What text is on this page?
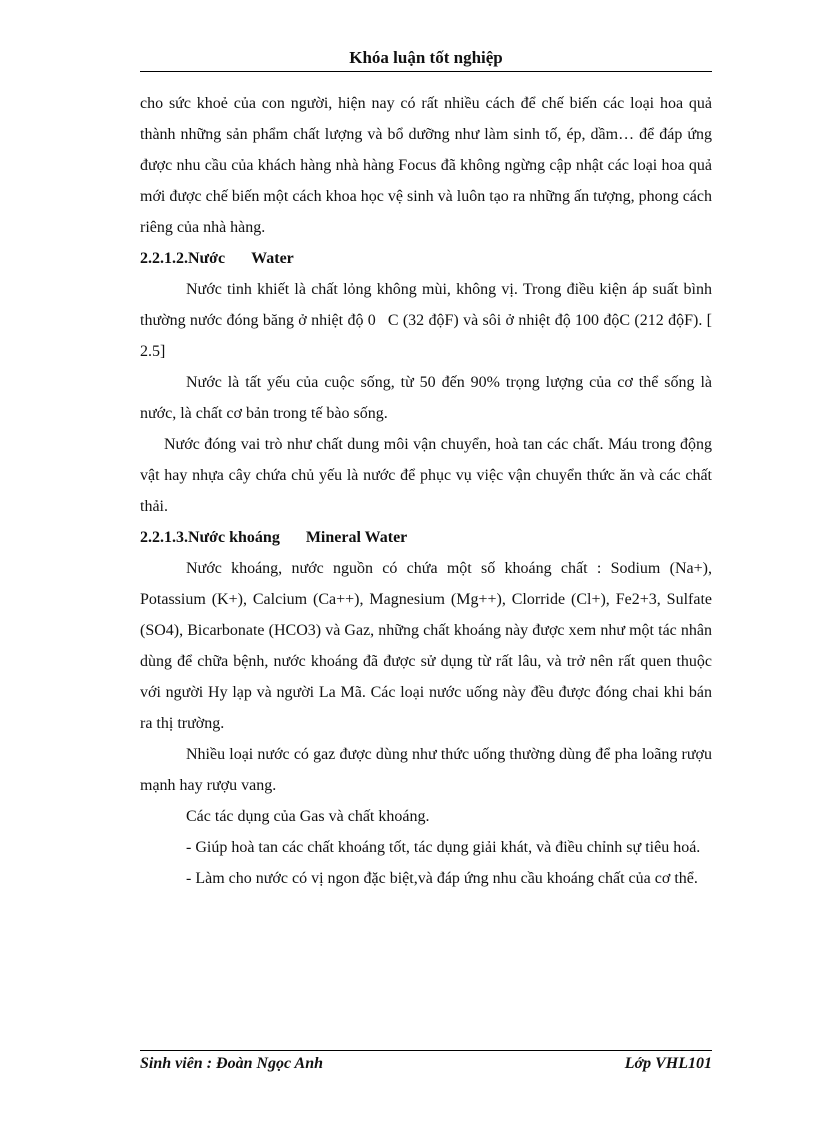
Khóa luận tốt nghiệp

cho sức khoẻ của con người, hiện nay có rất nhiều cách để chế biến các loại hoa quả thành những sản phẩm chất lượng và bổ dưỡng như làm sinh tố, ép, dầm… để đáp ứng được nhu cầu của khách hàng nhà hàng Focus đã không ngừng cập nhật các loại hoa quả mới được chế biến một cách khoa học vệ sinh và luôn tạo ra những ấn tượng, phong cách riêng của nhà hàng.

2.2.1.2.Nước Water

Nước tinh khiết là chất lỏng không mùi, không vị. Trong điều kiện áp suất bình thường nước đóng băng ở nhiệt độ 0 C (32 độF) và sôi ở nhiệt độ 100 độC (212 độF). [ 2.5]

Nước là tất yếu của cuộc sống, từ 50 đến 90% trọng lượng của cơ thể sống là nước, là chất cơ bản trong tế bào sống.

Nước đóng vai trò như chất dung môi vận chuyển, hoà tan các chất. Máu trong động vật hay nhựa cây chứa chủ yếu là nước để phục vụ việc vận chuyển thức ăn và các chất thải.

2.2.1.3.Nước khoáng Mineral Water

Nước khoáng, nước nguồn có chứa một số khoáng chất : Sodium (Na+), Potassium (K+), Calcium (Ca++), Magnesium (Mg++), Clorride (Cl+), Fe2+3, Sulfate (SO4), Bicarbonate (HCO3) và Gaz, những chất khoáng này được xem như một tác nhân dùng để chữa bệnh, nước khoáng đã được sử dụng từ rất lâu, và trở nên rất quen thuộc với người Hy lạp và người La Mã. Các loại nước uống này đều được đóng chai khi bán ra thị trường.

Nhiều loại nước có gaz được dùng như thức uống thường dùng để pha loãng rượu mạnh hay rượu vang.

Các tác dụng của Gas và chất khoáng.

- Giúp hoà tan các chất khoáng tốt, tác dụng giải khát, và điều chỉnh sự tiêu hoá.

- Làm cho nước có vị ngon đặc biệt,và đáp ứng nhu cầu khoáng chất của cơ thể.

Sinh viên : Đoàn Ngọc Anh	Lớp VHL101
